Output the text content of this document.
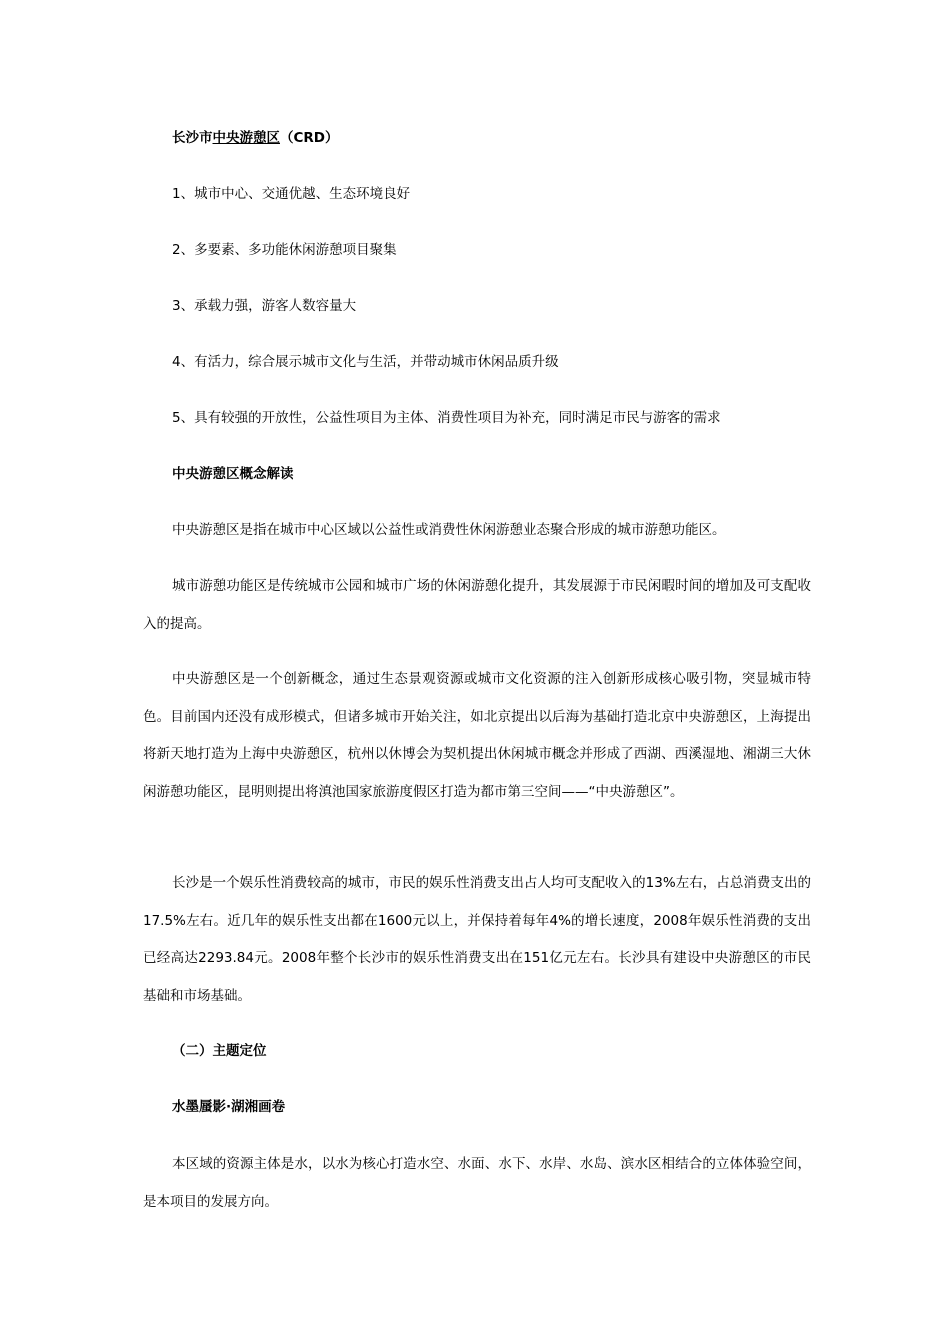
长沙市中央游憩区（CRD）
1、城市中心、交通优越、生态环境良好
2、多要素、多功能休闲游憩项目聚集
3、承载力强，游客人数容量大
4、有活力，综合展示城市文化与生活，并带动城市休闲品质升级
5、具有较强的开放性，公益性项目为主体、消费性项目为补充，同时满足市民与游客的需求
中央游憩区概念解读

中央游憩区是指在城市中心区域以公益性或消费性休闲游憩业态聚合形成的城市游憩功能区。

城市游憩功能区是传统城市公园和城市广场的休闲游憩化提升，其发展源于市民闲暇时间的增加及可支配收入的提高。

中央游憩区是一个创新概念，通过生态景观资源或城市文化资源的注入创新形成核心吸引物，突显城市特色。目前国内还没有成形模式，但诸多城市开始关注，如北京提出以后海为基础打造北京中央游憩区，上海提出将新天地打造为上海中央游憩区，杭州以休博会为契机提出休闲城市概念并形成了西湖、西溪湿地、湘湖三大休闲游憩功能区，昆明则提出将滇池国家旅游度假区打造为都市第三空间——“中央游憩区”。

长沙是一个娱乐性消费较高的城市，市民的娱乐性消费支出占人均可支配收入的13%左右，占总消费支出的17.5%左右。近几年的娱乐性支出都在1600元以上，并保持着每年4%的增长速度，2008年娱乐性消费的支出已经高达2293.84元。2008年整个长沙市的娱乐性消费支出在151亿元左右。长沙具有建设中央游憩区的市民基础和市场基础。

（二）主题定位
水墨蜃影·湖湘画卷

本区域的资源主体是水，以水为核心打造水空、水面、水下、水岸、水岛、滨水区相结合的立体体验空间，是本项目的发展方向。
